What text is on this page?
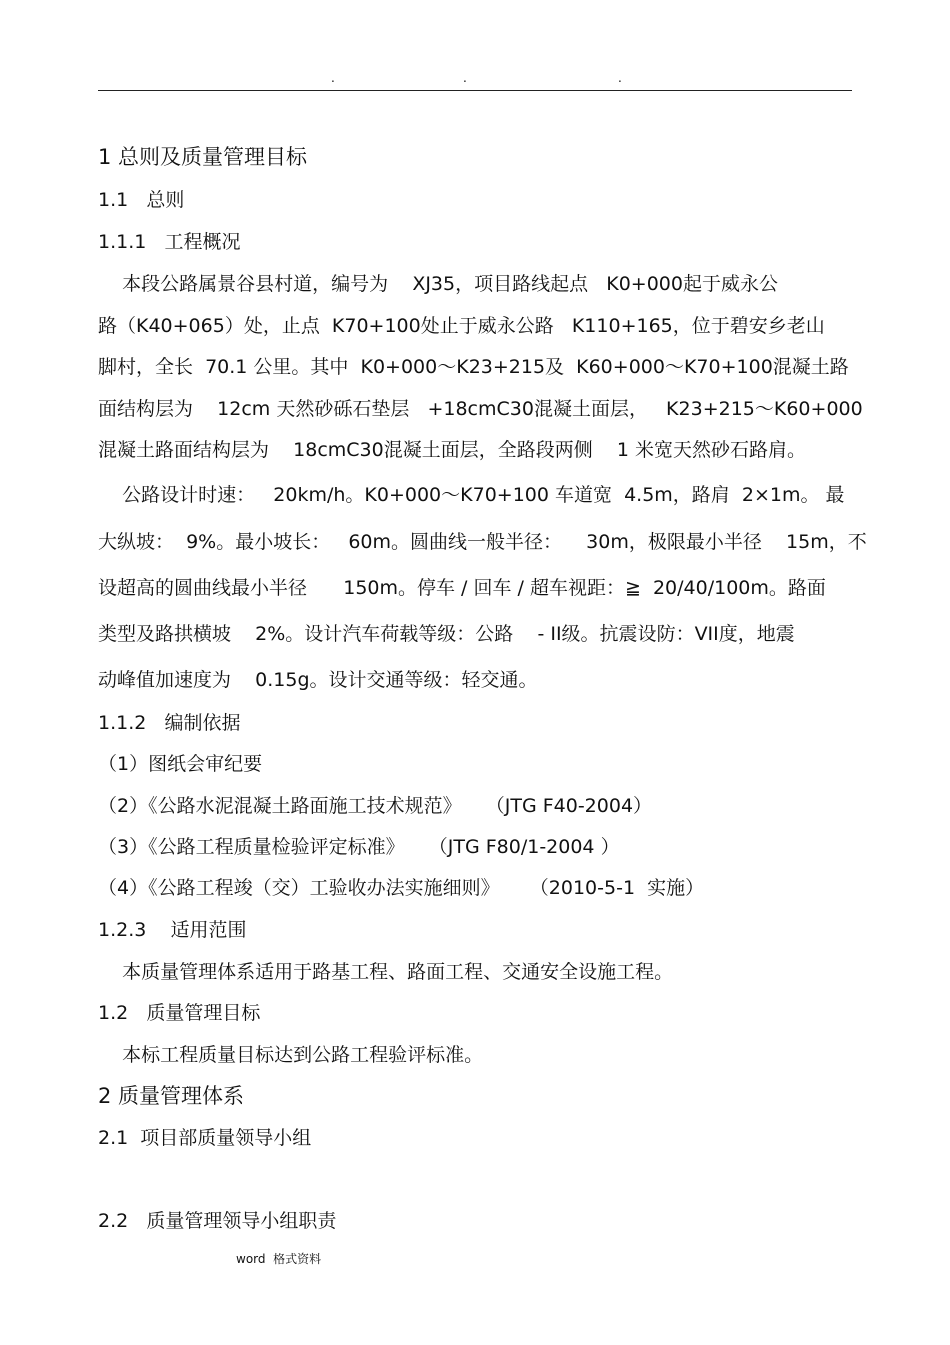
.	.	.
1 总则及质量管理目标
1.1   总则
1.1.1   工程概况
本段公路属景谷县村道，编号为    XJ35，项目路线起点   K0+000起于威永公
路（K40+065）处，止点  K70+100处止于威永公路   K110+165，位于碧安乡老山
脚村，全长  70.1 公里。其中  K0+000～K23+215及  K60+000～K70+100混凝土路
面结构层为    12cm 天然砂砾石垫层   +18cmC30混凝土面层，   K23+215～K60+000
混凝土路面结构层为    18cmC30混凝土面层，全路段两侧    1 米宽天然砂石路肩。
公路设计时速：   20km/h。K0+000～K70+100 车道宽  4.5m，路肩  2×1m。 最
大纵坡：  9%。最小坡长：   60m。圆曲线一般半径：    30m，极限最小半径    15m，不
设超高的圆曲线最小半径      150m。停车 / 回车 / 超车视距：≧  20/40/100m。路面
类型及路拱横坡    2%。设计汽车荷载等级：公路    - II级。抗震设防：VII度，地震
动峰值加速度为    0.15g。设计交通等级：轻交通。
1.1.2   编制依据
（1）图纸会审纪要
（2）《公路水泥混凝土路面施工技术规范》    （JTG F40-2004）
（3）《公路工程质量检验评定标准》    （JTG F80/1-2004 ）
（4）《公路工程竣（交）工验收办法实施细则》     （2010-5-1  实施）
1.2.3    适用范围
本质量管理体系适用于路基工程、路面工程、交通安全设施工程。
1.2   质量管理目标
本标工程质量目标达到公路工程验评标准。
2 质量管理体系
2.1  项目部质量领导小组
2.2   质量管理领导小组职责
word  格式资料
